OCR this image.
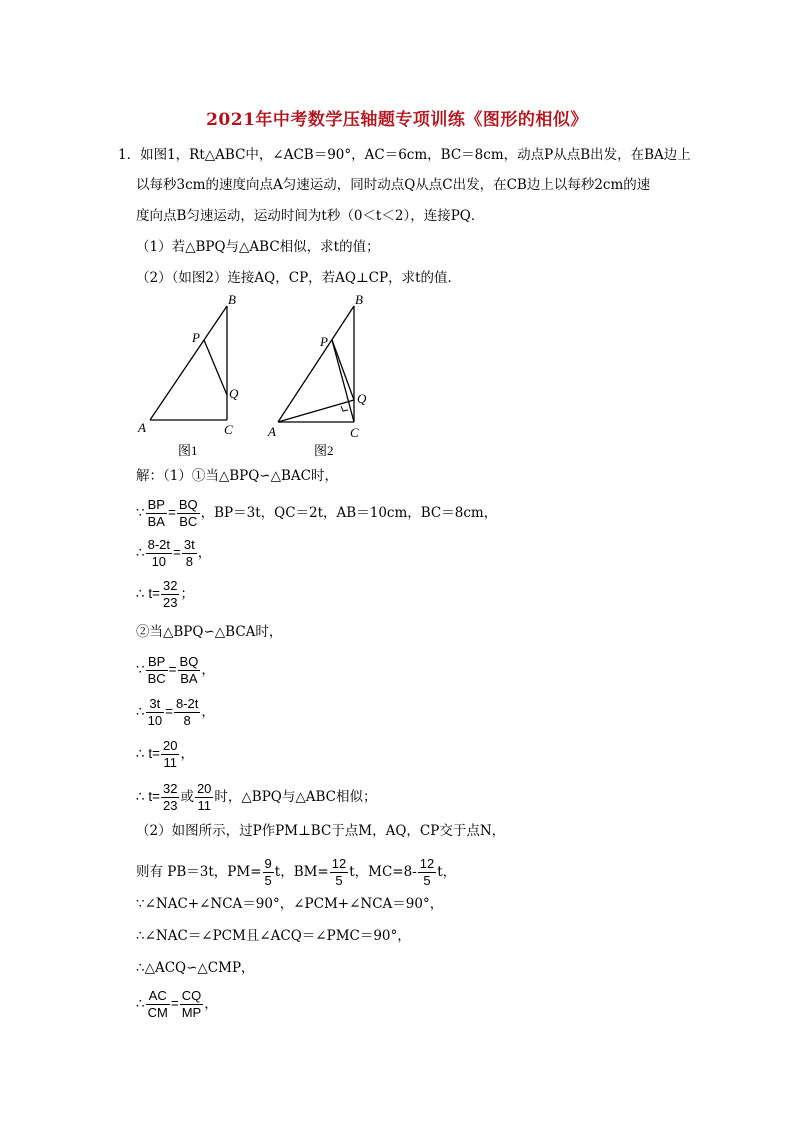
2021年中考数学压轴题专项训练《图形的相似》
1．如图1，Rt△ABC中，∠ACB＝90°，AC＝6cm，BC＝8cm，动点P从点B出发，在BA边上
以每秒3cm的速度向点A匀速运动，同时动点Q从点C出发，在CB边上以每秒2cm的速
度向点B匀速运动，运动时间为t秒（0＜t＜2），连接PQ．
（1）若△BPQ与△ABC相似，求t的值；
（2）（如图2）连接AQ，CP，若AQ⊥CP，求t的值．
B
P
Q
A	C
图1
B
P
Q
A	C
图2
解：（1）①当△BPQ∽△BAC时，
∵ $\frac{BP}{BA} = \frac{BQ}{BC}$ ，BP＝3t，QC＝2t，AB＝10cm，BC＝8cm，
∴ $\frac{8-2t}{10} = \frac{3t}{8}$ ，
∴ $t= \frac{32}{23}$ ；
②当△BPQ∽△BCA时，
∵ $\frac{BP}{BC} = \frac{BQ}{BA}$ ，
∴ $\frac{3t}{10} = \frac{8-2t}{8}$ ，
∴ $t= \frac{20}{11}$ ，
∴ $t= \frac{32}{23}$ 或 $\frac{20}{11}$ 时，△BPQ与△ABC相似；
（2）如图所示，过P作PM⊥BC于点M，AQ，CP交于点N，
则有 PB＝3t，$PM= \frac{9}{5}$ t，$BM= \frac{12}{5}$ t，$MC=8- \frac{12}{5}$ t，
∵∠NAC+∠NCA＝90°，∠PCM+∠NCA＝90°，
∴∠NAC＝∠PCM且∠ACQ＝∠PMC＝90°，
∴△ACQ∽△CMP，
∴ $\frac{AC}{CM} = \frac{CQ}{MP}$ ，
